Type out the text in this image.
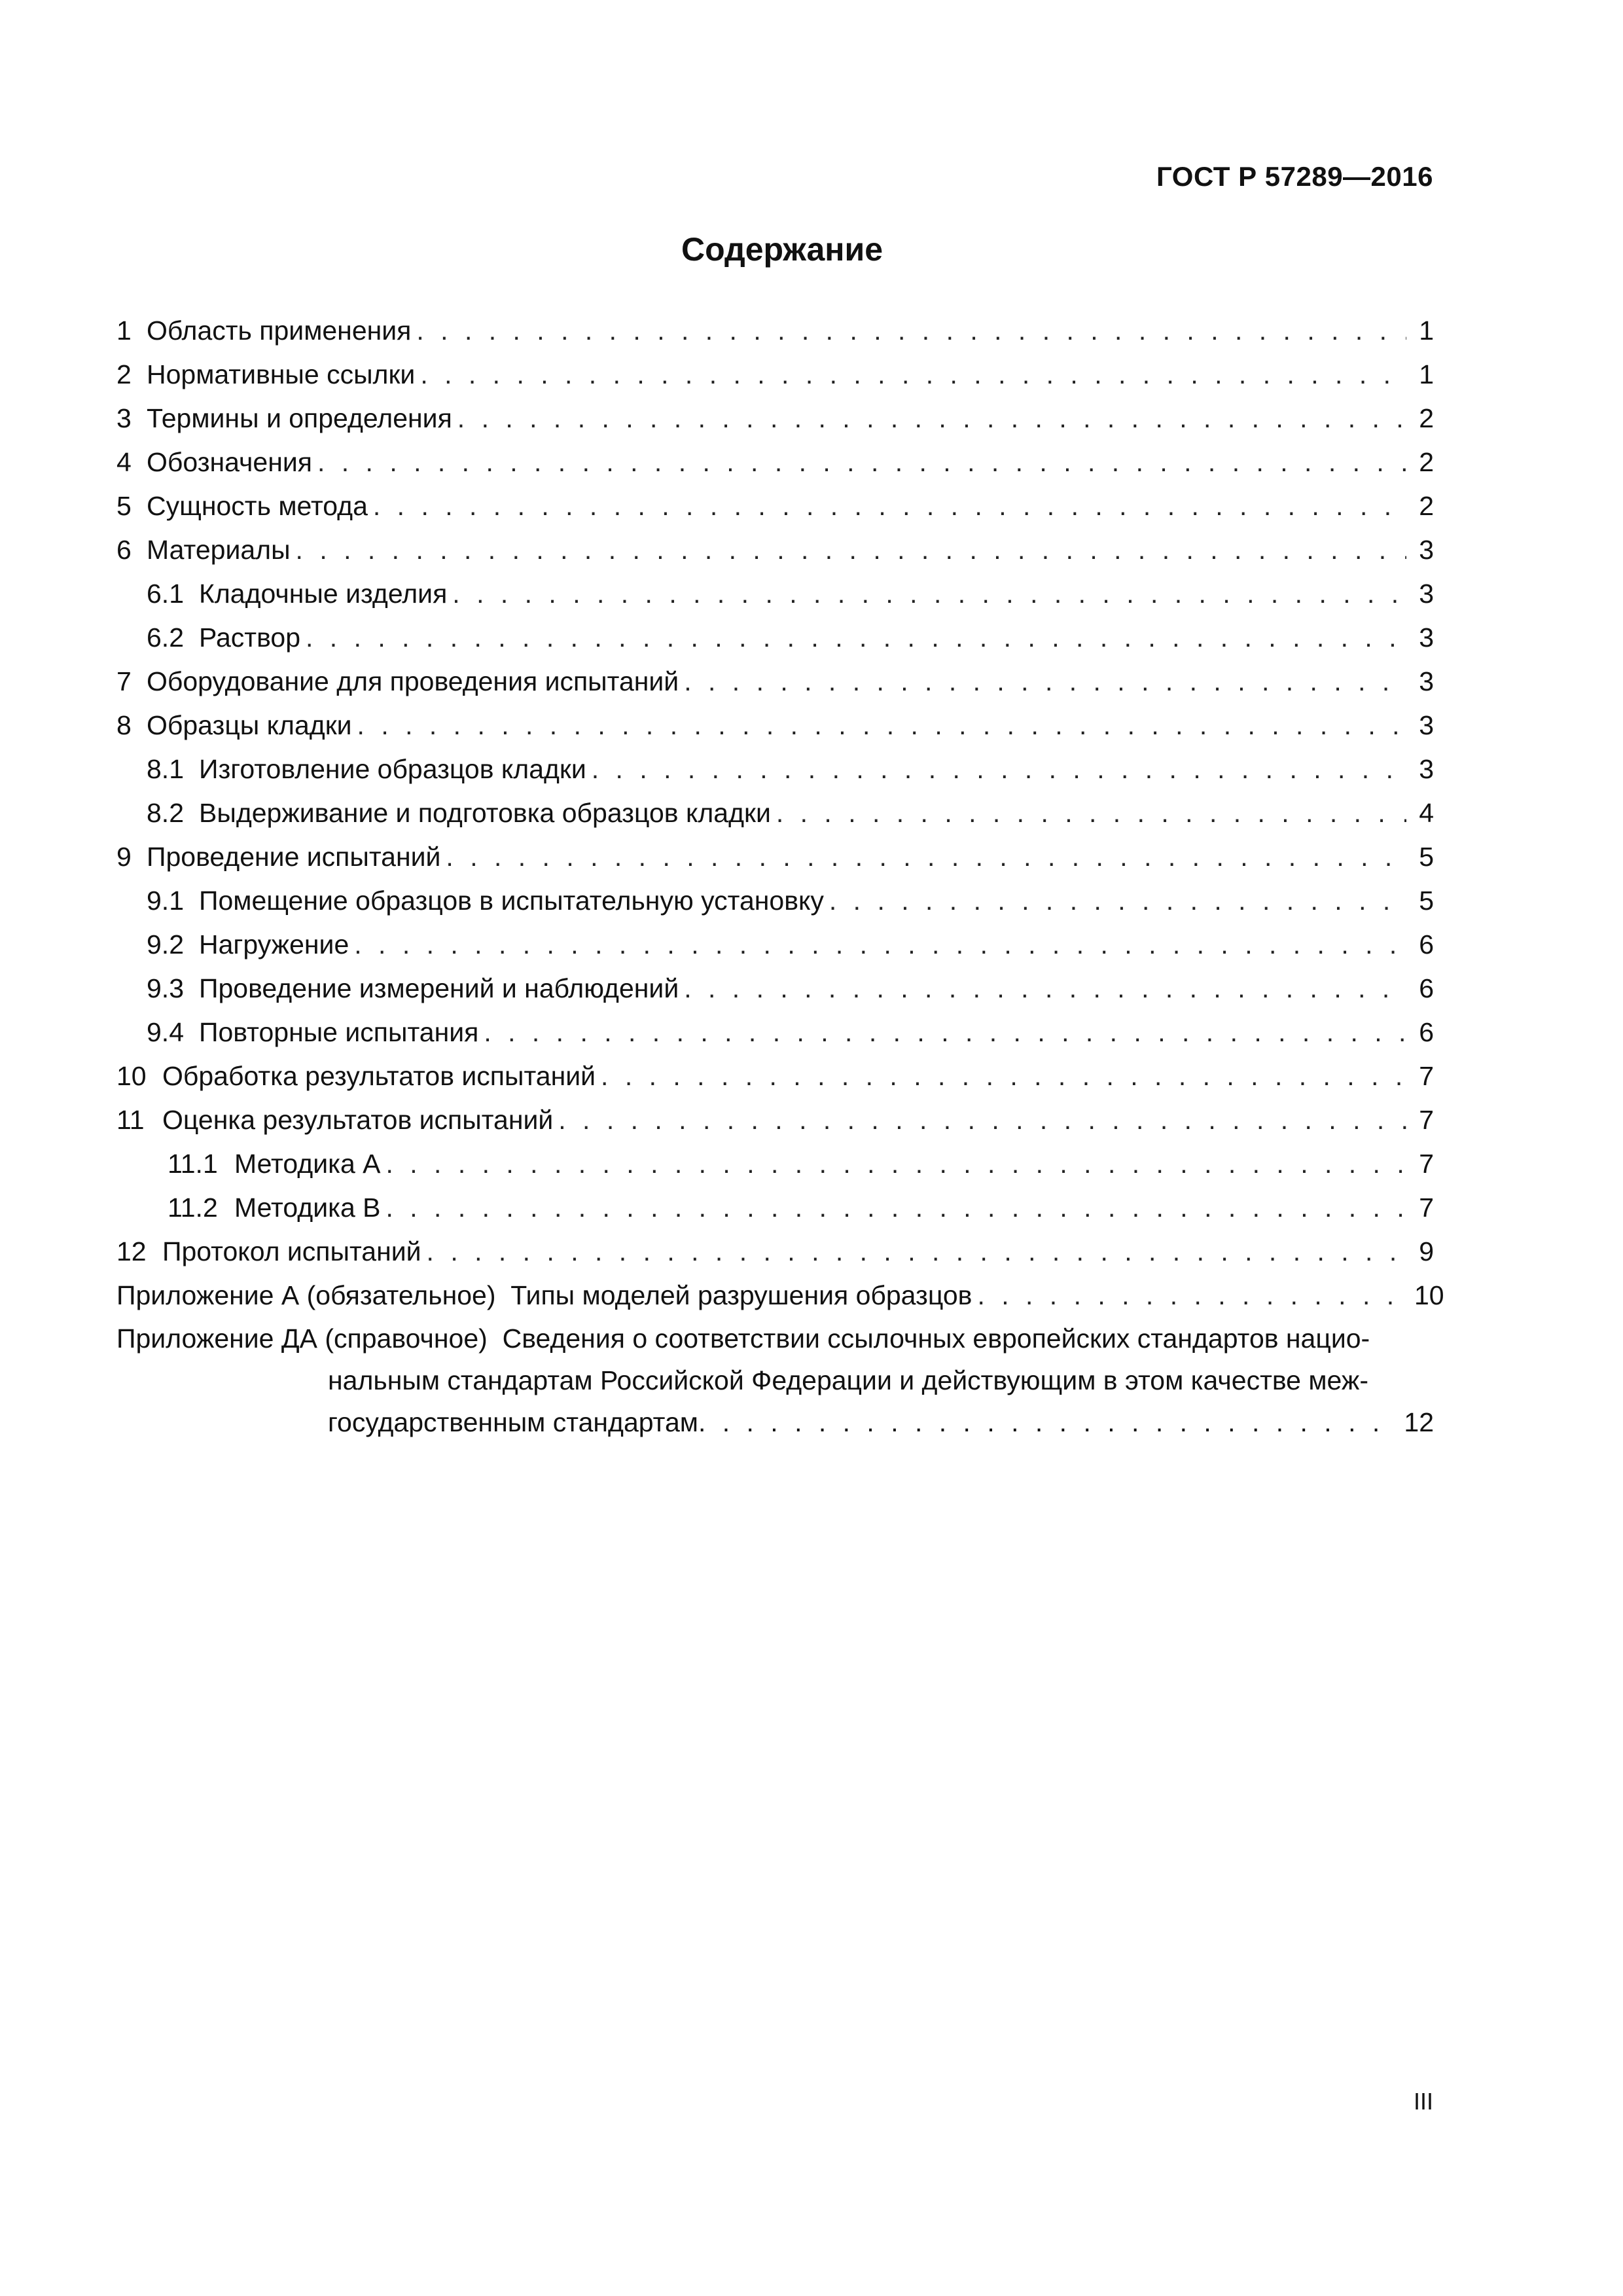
ГОСТ Р 57289—2016
Содержание
1 Область применения . . .	1
2 Нормативные ссылки . . .	1
3 Термины и определения . . .	2
4 Обозначения . . .	2
5 Сущность метода . . .	2
6 Материалы . . .	3
6.1 Кладочные изделия . . .	3
6.2 Раствор . . .	3
7 Оборудование для проведения испытаний . . .	3
8 Образцы кладки . . .	3
8.1 Изготовление образцов кладки . . .	3
8.2 Выдерживание и подготовка образцов кладки . . .	4
9 Проведение испытаний . . .	5
9.1 Помещение образцов в испытательную установку . . .	5
9.2 Нагружение . . .	6
9.3 Проведение измерений и наблюдений . . .	6
9.4 Повторные испытания . . .	6
10 Обработка результатов испытаний . . .	7
11 Оценка результатов испытаний . . .	7
11.1 Методика А . . .	7
11.2 Методика В . . .	7
12 Протокол испытаний . . .	9
Приложение А (обязательное) Типы моделей разрушения образцов . . .	10
Приложение ДА (справочное) Сведения о соответствии ссылочных европейских стандартов нацио-
нальным стандартам Российской Федерации и действующим в этом качестве меж-
государственным стандартам . . .	12
III
